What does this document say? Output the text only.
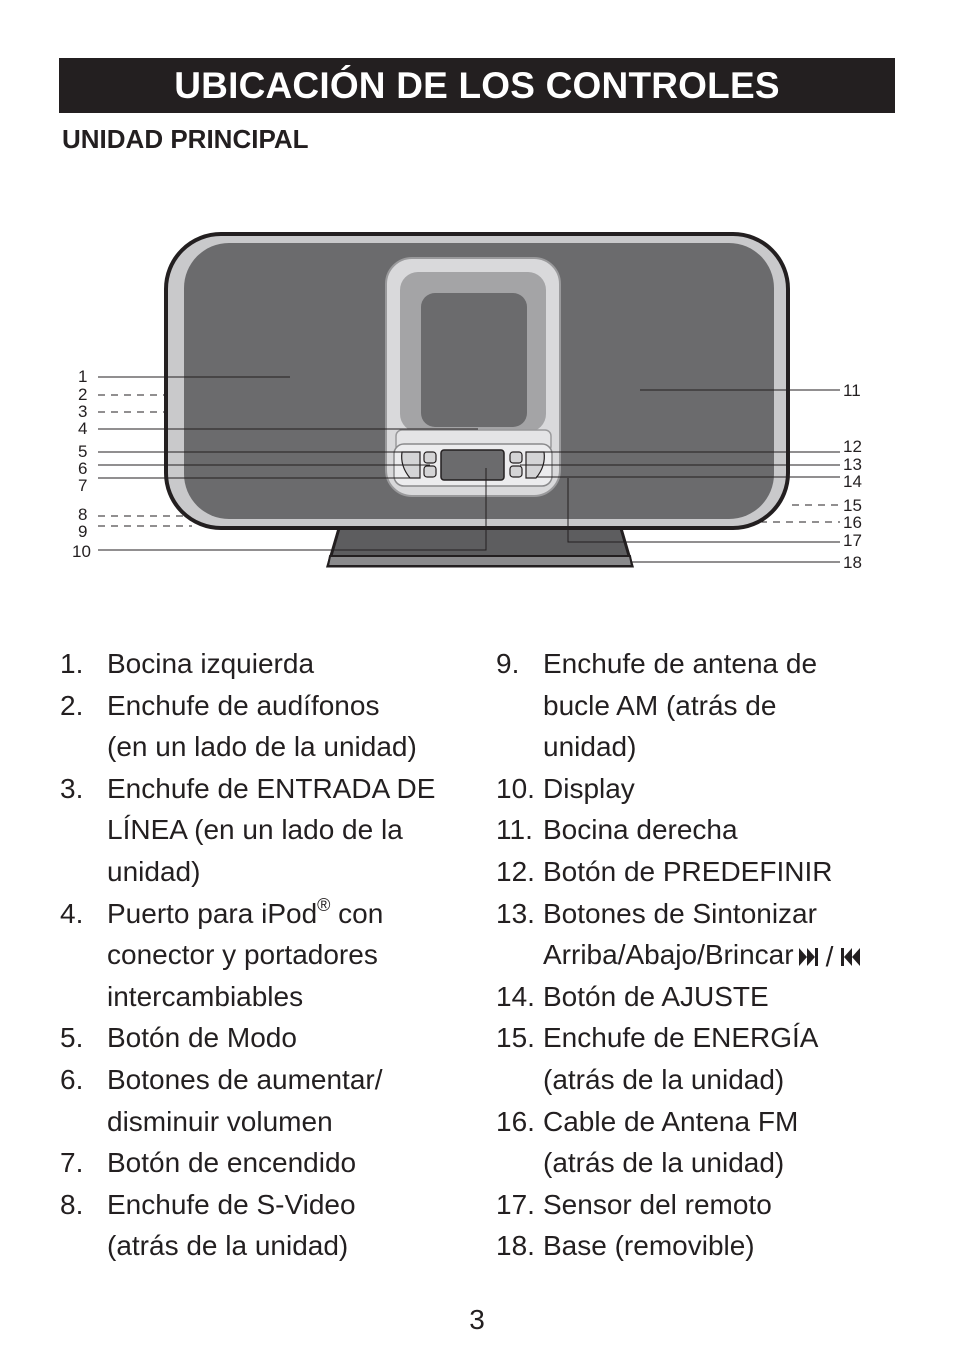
UBICACIÓN DE LOS CONTROLES
UNIDAD PRINCIPAL
1
2
3
4
5
6
7
8
9
10
11
12
13
14
15
16
17
18
1. Bocina izquierda
2. Enchufe de audífonos
(en un lado de la unidad)
3. Enchufe de ENTRADA DE
LÍNEA (en un lado de la
unidad)
4. Puerto para iPod® con
conector y portadores
intercambiables
5. Botón de Modo
6. Botones de aumentar/
disminuir volumen
7. Botón de encendido
8. Enchufe de S-Video
(atrás de la unidad)
9. Enchufe de antena de
bucle AM (atrás de
unidad)
10. Display
11. Bocina derecha
12. Botón de PREDEFINIR
13. Botones de Sintonizar
Arriba/Abajo/Brincar /
14. Botón de AJUSTE
15. Enchufe de ENERGÍA
(atrás de la unidad)
16. Cable de Antena FM
(atrás de la unidad)
17. Sensor del remoto
18. Base (removible)
3
